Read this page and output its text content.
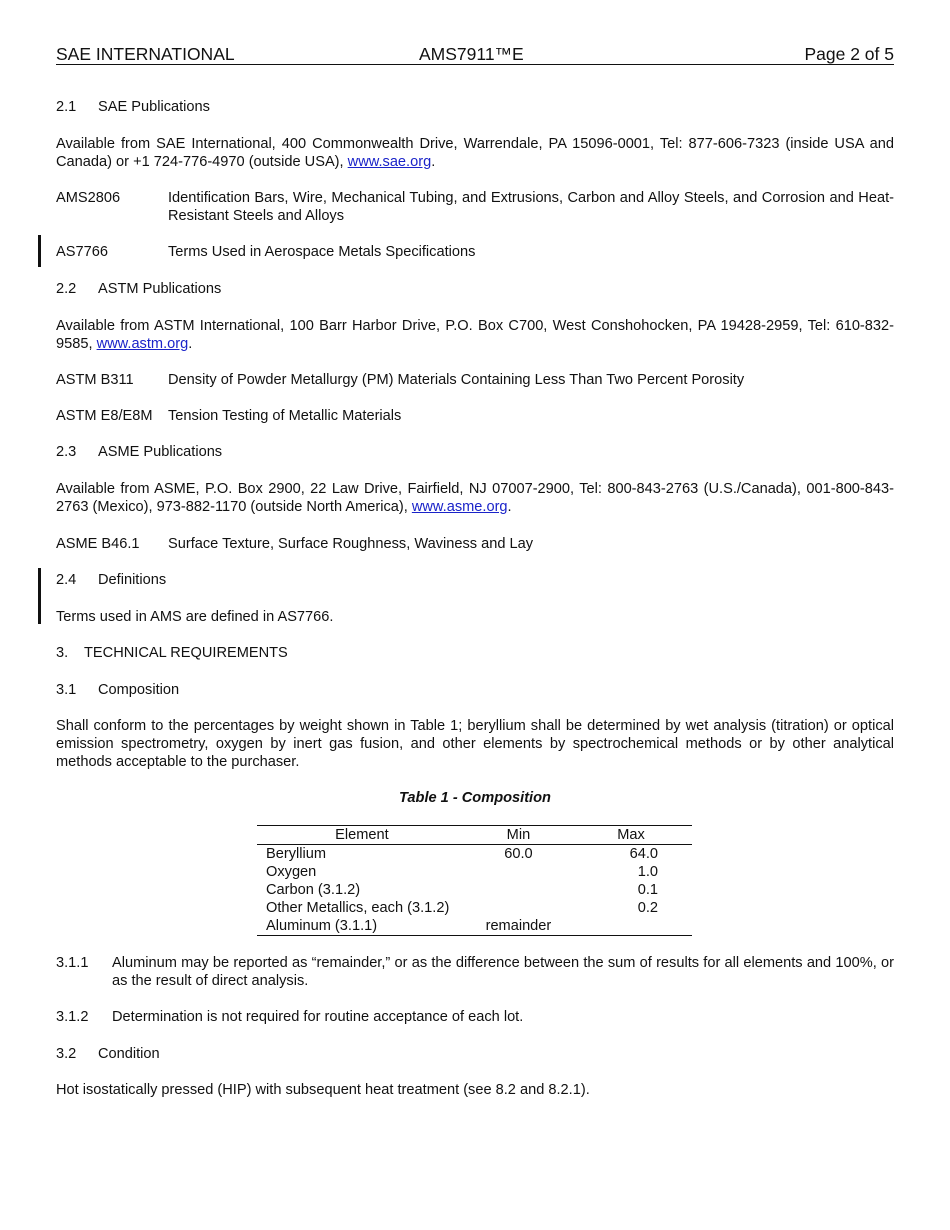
SAE INTERNATIONAL	AMS7911™E	Page 2 of 5
2.1 SAE Publications
Available from SAE International, 400 Commonwealth Drive, Warrendale, PA 15096-0001, Tel: 877-606-7323 (inside USA and Canada) or +1 724-776-4970 (outside USA), www.sae.org.
AMS2806	Identification Bars, Wire, Mechanical Tubing, and Extrusions, Carbon and Alloy Steels, and Corrosion and Heat-Resistant Steels and Alloys
AS7766	Terms Used in Aerospace Metals Specifications
2.2 ASTM Publications
Available from ASTM International, 100 Barr Harbor Drive, P.O. Box C700, West Conshohocken, PA 19428-2959, Tel: 610-832-9585, www.astm.org.
ASTM B311 Density of Powder Metallurgy (PM) Materials Containing Less Than Two Percent Porosity
ASTM E8/E8M Tension Testing of Metallic Materials
2.3 ASME Publications
Available from ASME, P.O. Box 2900, 22 Law Drive, Fairfield, NJ 07007-2900, Tel: 800-843-2763 (U.S./Canada), 001-800-843-2763 (Mexico), 973-882-1170 (outside North America), www.asme.org.
ASME B46.1 Surface Texture, Surface Roughness, Waviness and Lay
2.4 Definitions
Terms used in AMS are defined in AS7766.
3. TECHNICAL REQUIREMENTS
3.1 Composition
Shall conform to the percentages by weight shown in Table 1; beryllium shall be determined by wet analysis (titration) or optical emission spectrometry, oxygen by inert gas fusion, and other elements by spectrochemical methods or by other analytical methods acceptable to the purchaser.
Table 1 - Composition
Element	Min	Max
Beryllium	60.0	64.0
Oxygen		1.0
Carbon (3.1.2)		0.1
Other Metallics, each (3.1.2)		0.2
Aluminum (3.1.1)	remainder	
3.1.1 Aluminum may be reported as “remainder,” or as the difference between the sum of results for all elements and 100%, or as the result of direct analysis.
3.1.2 Determination is not required for routine acceptance of each lot.
3.2 Condition
Hot isostatically pressed (HIP) with subsequent heat treatment (see 8.2 and 8.2.1).
